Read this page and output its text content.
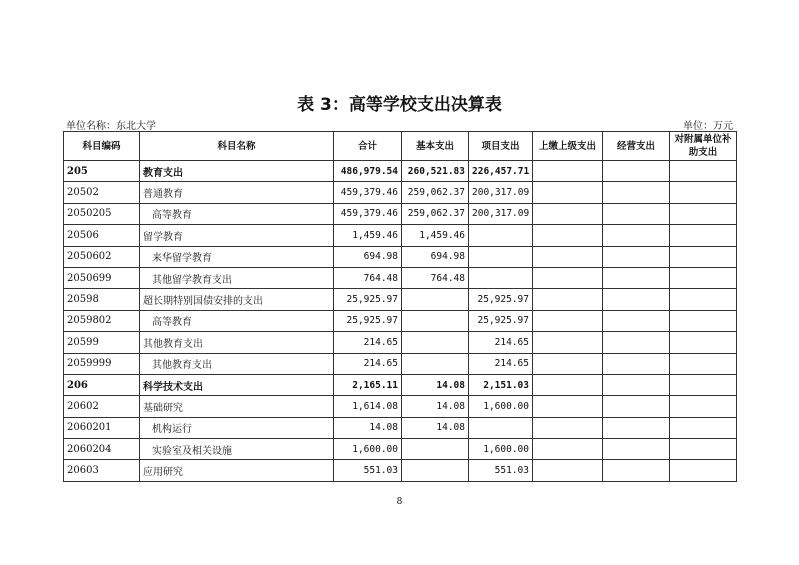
表 3：高等学校支出决算表
单位名称：东北大学	单位：万元
科目编码	科目名称	合计	基本支出	项目支出	上缴上级支出	经营支出	对附属单位补助支出
205	教育支出	486,979.54	260,521.83	226,457.71			
20502	普通教育	459,379.46	259,062.37	200,317.09			
2050205	高等教育	459,379.46	259,062.37	200,317.09			
20506	留学教育	1,459.46	1,459.46				
2050602	来华留学教育	694.98	694.98				
2050699	其他留学教育支出	764.48	764.48				
20598	超长期特别国债安排的支出	25,925.97		25,925.97			
2059802	高等教育	25,925.97		25,925.97			
20599	其他教育支出	214.65		214.65			
2059999	其他教育支出	214.65		214.65			
206	科学技术支出	2,165.11	14.08	2,151.03			
20602	基础研究	1,614.08	14.08	1,600.00			
2060201	机构运行	14.08	14.08				
2060204	实验室及相关设施	1,600.00		1,600.00			
20603	应用研究	551.03		551.03			
8
